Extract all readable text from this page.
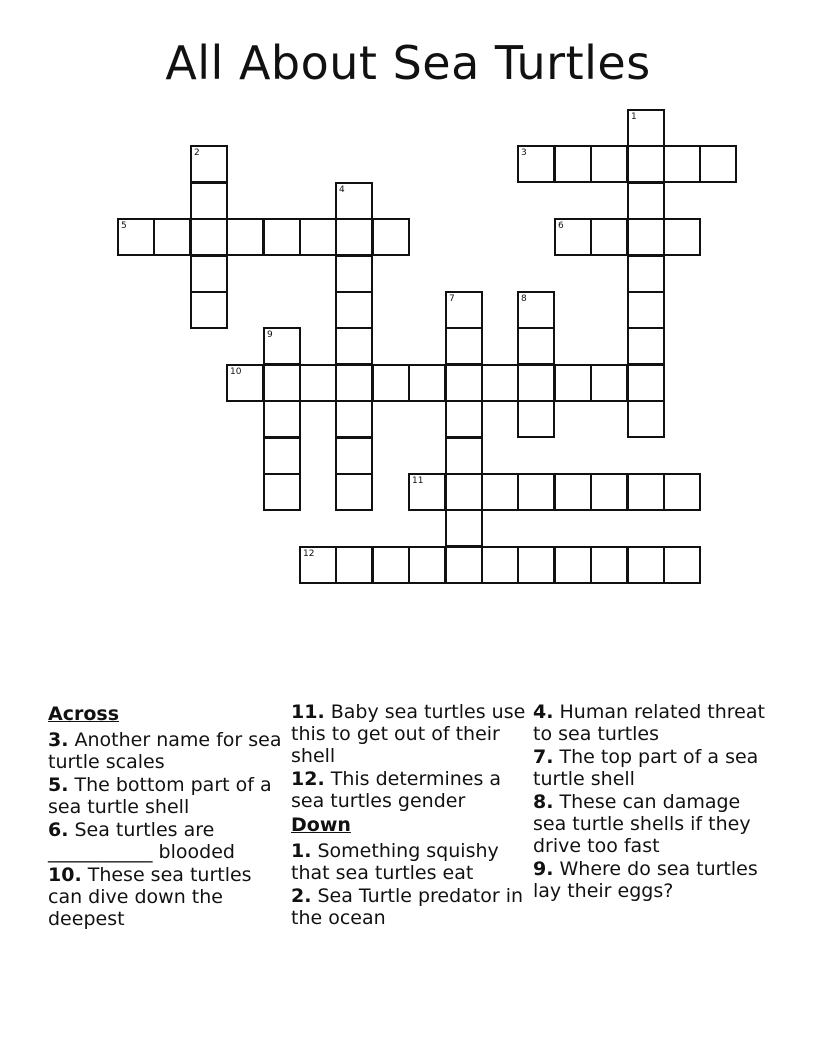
All About Sea Turtles
1
2	3
4
5	6
7	8
9
10
11
12
Across
3. Another name for sea turtle scales
5. The bottom part of a sea turtle shell
6. Sea turtles are ___________ blooded
10. These sea turtles can dive down the deepest
11. Baby sea turtles use this to get out of their shell
12. This determines a sea turtles gender
Down
1. Something squishy that sea turtles eat
2. Sea Turtle predator in the ocean
4. Human related threat to sea turtles
7. The top part of a sea turtle shell
8. These can damage sea turtle shells if they drive too fast
9. Where do sea turtles lay their eggs?
